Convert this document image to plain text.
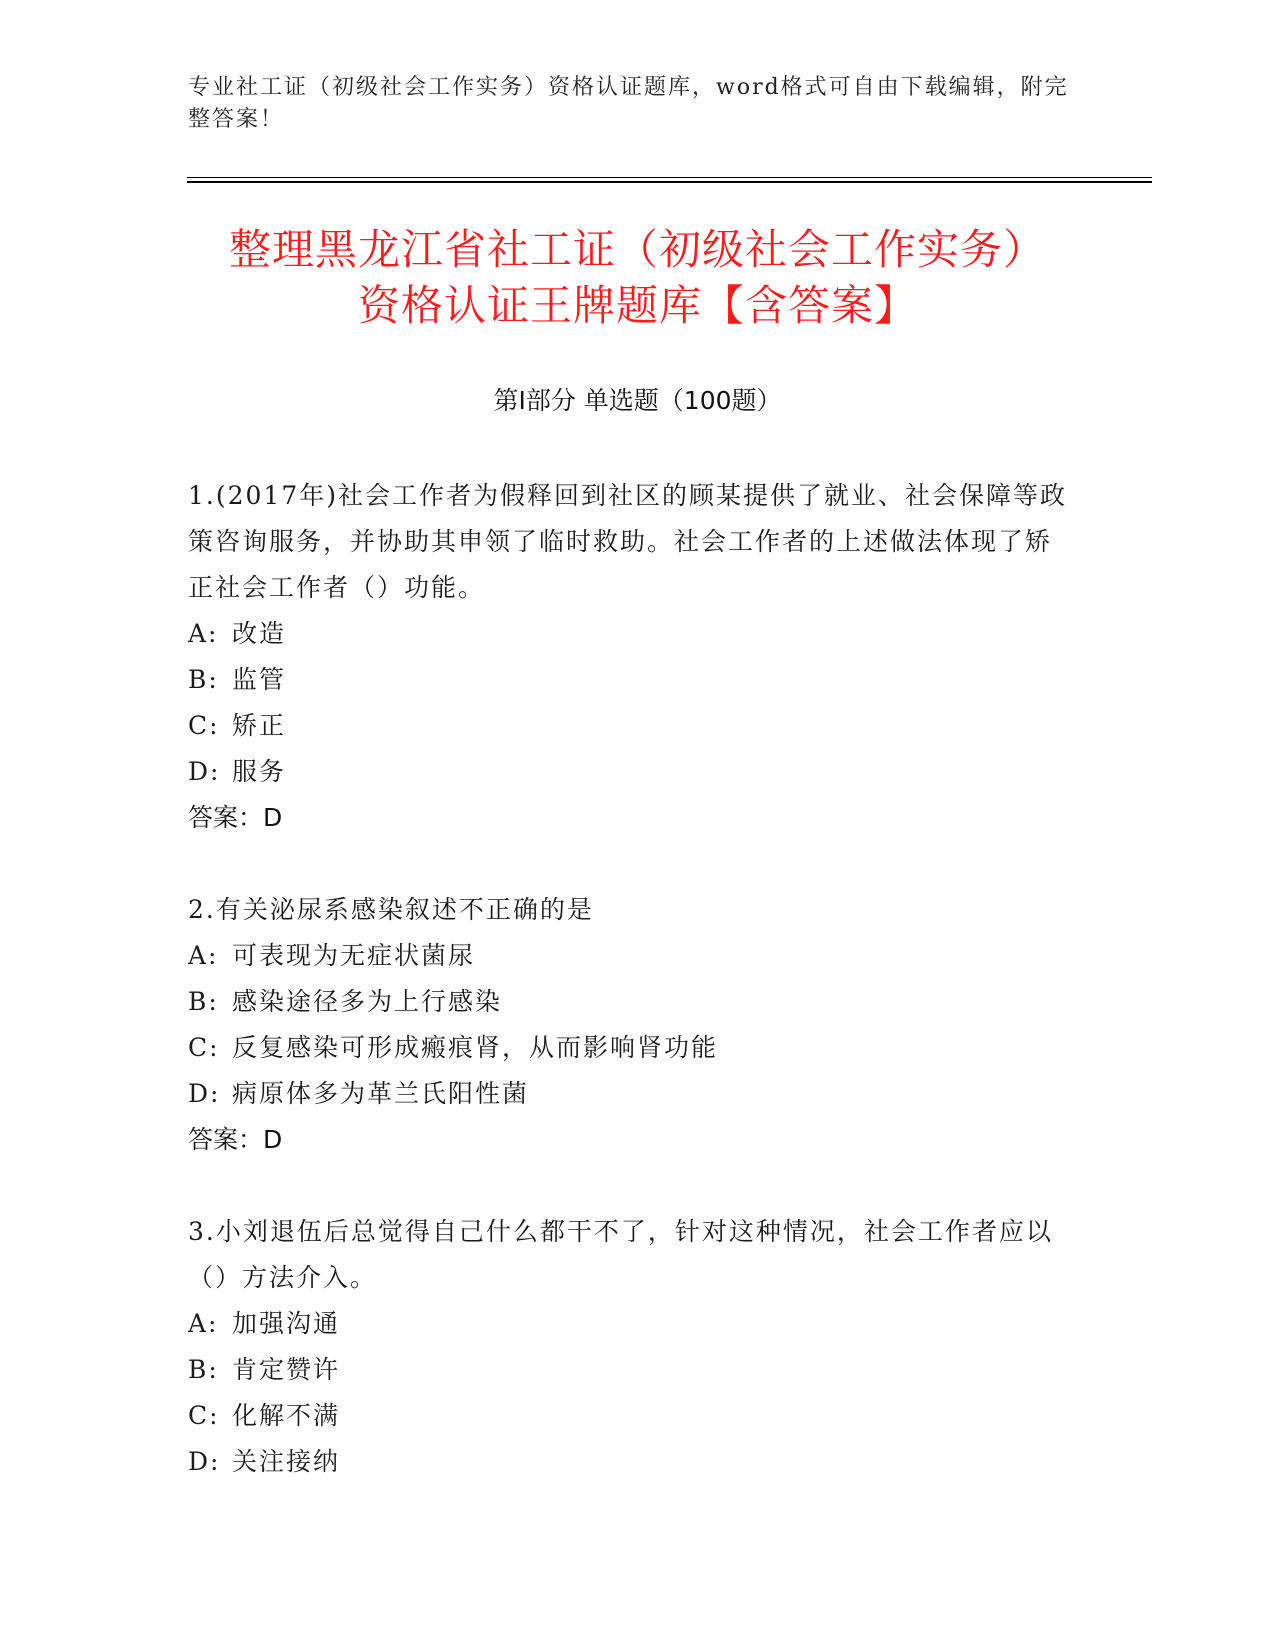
专业社工证（初级社会工作实务）资格认证题库，word格式可自由下载编辑，附完整答案！
整理黑龙江省社工证（初级社会工作实务）
资格认证王牌题库【含答案】
第I部分 单选题（100题）

1.(2017年)社会工作者为假释回到社区的顾某提供了就业、社会保障等政策咨询服务，并协助其申领了临时救助。社会工作者的上述做法体现了矫正社会工作者（）功能。

A: 改造

B: 监管

C: 矫正

D: 服务

答案：D

2.有关泌尿系感染叙述不正确的是

A: 可表现为无症状菌尿

B: 感染途径多为上行感染

C: 反复感染可形成瘢痕肾，从而影响肾功能

D: 病原体多为革兰氏阳性菌

答案：D

3.小刘退伍后总觉得自己什么都干不了，针对这种情况，社会工作者应以（）方法介入。

A: 加强沟通

B: 肯定赞许

C: 化解不满

D: 关注接纳
